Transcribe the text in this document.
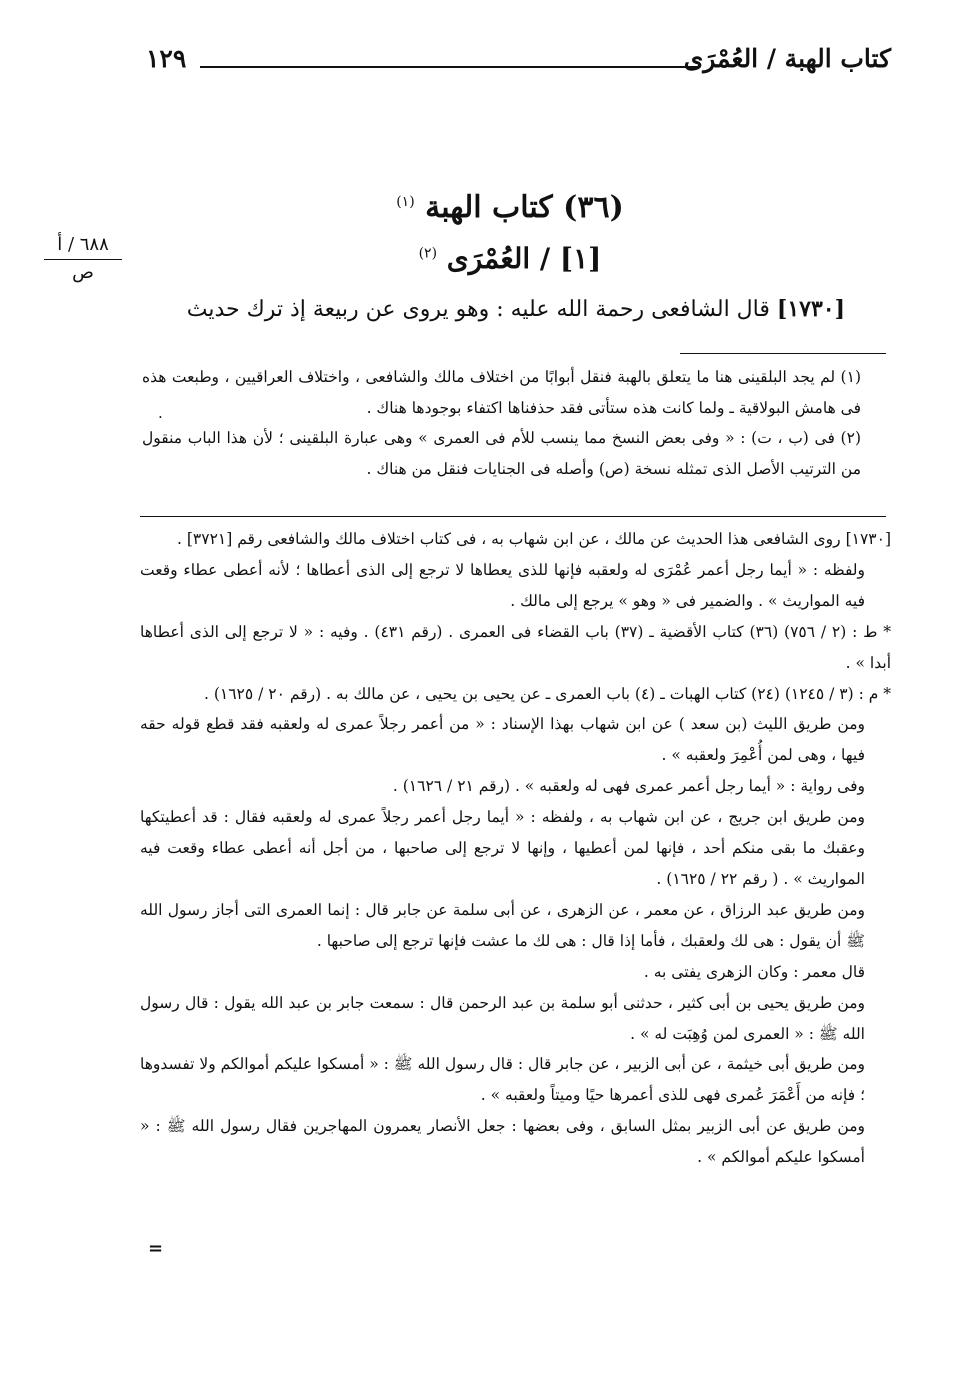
كتاب الهبة / العُمْرَى
١٢٩
٦٨٨ / أ
ص
(٣٦) كتاب الهبة $^{(١)}$
[١] / العُمْرَى $^{(٢)}$
[١٧٣٠] قال الشافعى رحمة الله عليه : وهو يروى عن ربيعة إذ ترك حديث

(١) لم يجد البلقينى هنا ما يتعلق بالهبة فنقل أبوابًا من اختلاف مالك والشافعى ، واختلاف العراقيين ، وطبعت هذه فى هامش البولاقية ـ ولما كانت هذه ستأتى فقد حذفناها اكتفاء بوجودها هناك .

(٢) فى (ب ، ت) : « وفى بعض النسخ مما ينسب للأم فى العمرى » وهى عبارة البلقينى ؛ لأن هذا الباب منقول من الترتيب الأصل الذى تمثله نسخة (ص) وأصله فى الجنايات فنقل من هناك .

.

[١٧٣٠] روى الشافعى هذا الحديث عن مالك ، عن ابن شهاب به ، فى كتاب اختلاف مالك والشافعى رقم [٣٧٢١] .

ولفظه : « أيما رجل أعمر عُمْرَى له ولعقبه فإنها للذى يعطاها لا ترجع إلى الذى أعطاها ؛ لأنه أعطى عطاء وقعت فيه المواريث » . والضمير فى « وهو » يرجع إلى مالك .

* ط : (٢ / ٧٥٦) (٣٦) كتاب الأقضية ـ (٣٧) باب القضاء فى العمرى . (رقم ٤٣١) . وفيه : « لا ترجع إلى الذى أعطاها أبدا » .

* م : (٣ / ١٢٤٥) (٢٤) كتاب الهبات ـ (٤) باب العمرى ـ عن يحيى بن يحيى ، عن مالك به . (رقم ٢٠ / ١٦٢٥) .

ومن طريق الليث (بن سعد ) عن ابن شهاب بهذا الإسناد : « من أعمر رجلاً عمرى له ولعقبه فقد قطع قوله حقه فيها ، وهى لمن أُعْمِرَ ولعقبه » .

وفى رواية : « أيما رجل أعمر عمرى فهى له ولعقبه » . (رقم ٢١ / ١٦٢٦) .

ومن طريق ابن جريج ، عن ابن شهاب به ، ولفظه : « أيما رجل أعمر رجلاً عمرى له ولعقبه فقال : قد أعطيتكها وعقبك ما بقى منكم أحد ، فإنها لمن أعطيها ، وإنها لا ترجع إلى صاحبها ، من أجل أنه أعطى عطاء وقعت فيه المواريث » . ( رقم ٢٢ / ١٦٢٥) .

ومن طريق عبد الرزاق ، عن معمر ، عن الزهرى ، عن أبى سلمة عن جابر قال : إنما العمرى التى أجاز رسول الله ﷺ أن يقول : هى لك ولعقبك ، فأما إذا قال : هى لك ما عشت فإنها ترجع إلى صاحبها .

قال معمر : وكان الزهرى يفتى به .

ومن طريق يحيى بن أبى كثير ، حدثنى أبو سلمة بن عبد الرحمن قال : سمعت جابر بن عبد الله يقول : قال رسول الله ﷺ : « العمرى لمن وُهِبَت له » .

ومن طريق أبى خيثمة ، عن أبى الزبير ، عن جابر قال : قال رسول الله ﷺ : « أمسكوا عليكم أموالكم ولا تفسدوها ؛ فإنه من أَعْمَرَ عُمرى فهى للذى أعمرها حيًا وميتاً ولعقبه » .

ومن طريق عن أبى الزبير بمثل السابق ، وفى بعضها : جعل الأنصار يعمرون المهاجرين فقال رسول الله ﷺ : « أمسكوا عليكم أموالكم » .

=
